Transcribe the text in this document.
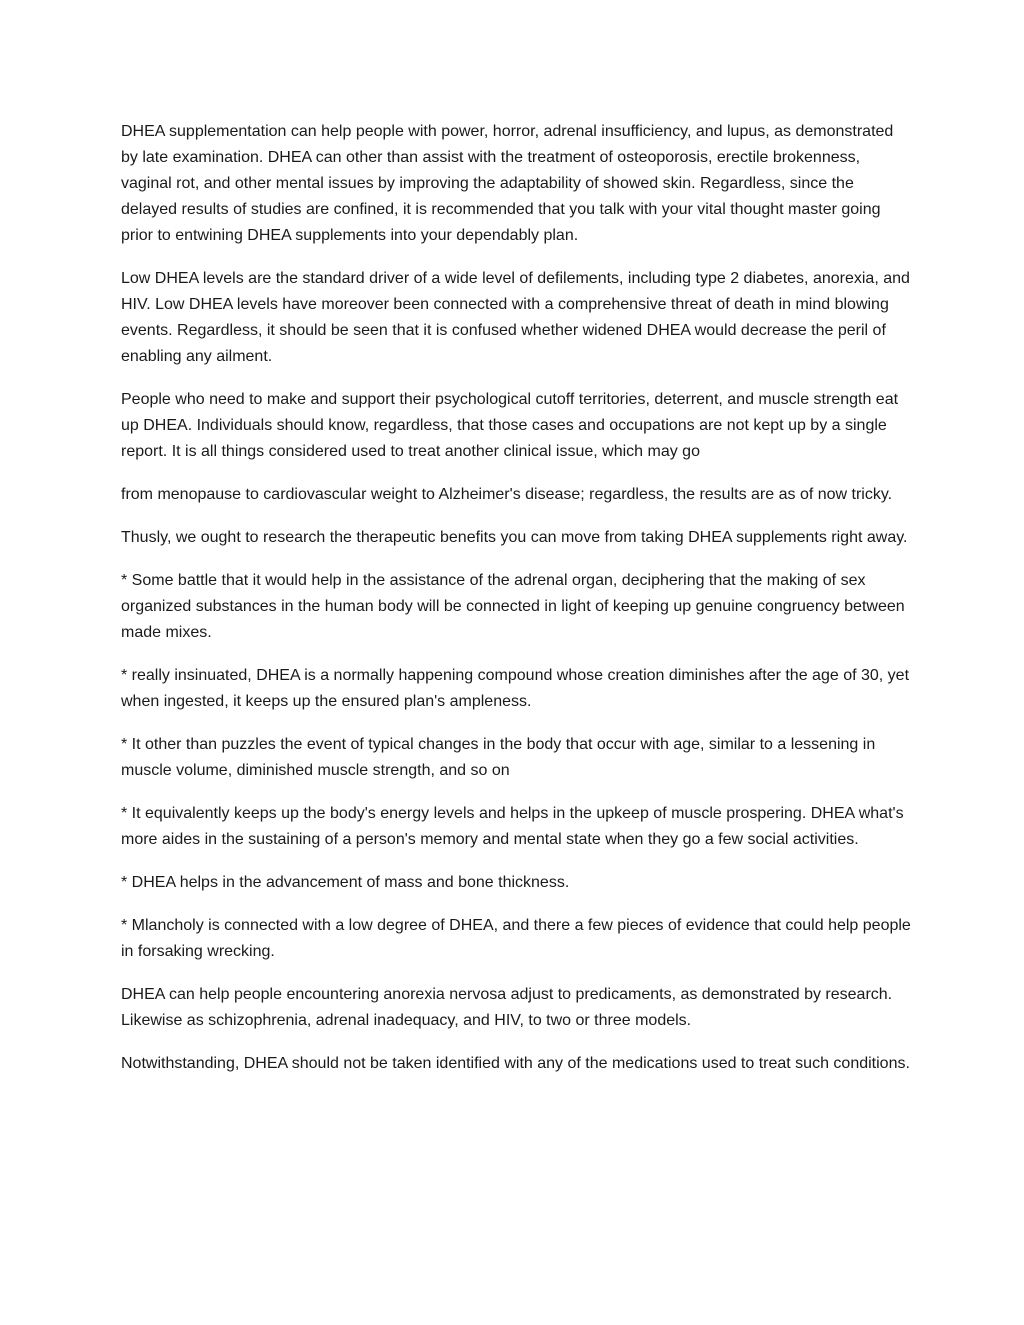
DHEA supplementation can help people with power, horror, adrenal insufficiency, and lupus, as demonstrated by late examination. DHEA can other than assist with the treatment of osteoporosis, erectile brokenness, vaginal rot, and other mental issues by improving the adaptability of showed skin. Regardless, since the delayed results of studies are confined, it is recommended that you talk with your vital thought master going prior to entwining DHEA supplements into your dependably plan.

Low DHEA levels are the standard driver of a wide level of defilements, including type 2 diabetes, anorexia, and HIV. Low DHEA levels have moreover been connected with a comprehensive threat of death in mind blowing events. Regardless, it should be seen that it is confused whether widened DHEA would decrease the peril of enabling any ailment.

People who need to make and support their psychological cutoff territories, deterrent, and muscle strength eat up DHEA. Individuals should know, regardless, that those cases and occupations are not kept up by a single report. It is all things considered used to treat another clinical issue, which may go

from menopause to cardiovascular weight to Alzheimer's disease; regardless, the results are as of now tricky.

Thusly, we ought to research the therapeutic benefits you can move from taking DHEA supplements right away.

* Some battle that it would help in the assistance of the adrenal organ, deciphering that the making of sex organized substances in the human body will be connected in light of keeping up genuine congruency between made mixes.

* really insinuated, DHEA is a normally happening compound whose creation diminishes after the age of 30, yet when ingested, it keeps up the ensured plan's ampleness.

* It other than puzzles the event of typical changes in the body that occur with age, similar to a lessening in muscle volume, diminished muscle strength, and so on

* It equivalently keeps up the body's energy levels and helps in the upkeep of muscle prospering. DHEA what's more aides in the sustaining of a person's memory and mental state when they go a few social activities.

* DHEA helps in the advancement of mass and bone thickness.

* Mlancholy is connected with a low degree of DHEA, and there a few pieces of evidence that could help people in forsaking wrecking.

DHEA can help people encountering anorexia nervosa adjust to predicaments, as demonstrated by research. Likewise as schizophrenia, adrenal inadequacy, and HIV, to two or three models.

Notwithstanding, DHEA should not be taken identified with any of the medications used to treat such conditions.
